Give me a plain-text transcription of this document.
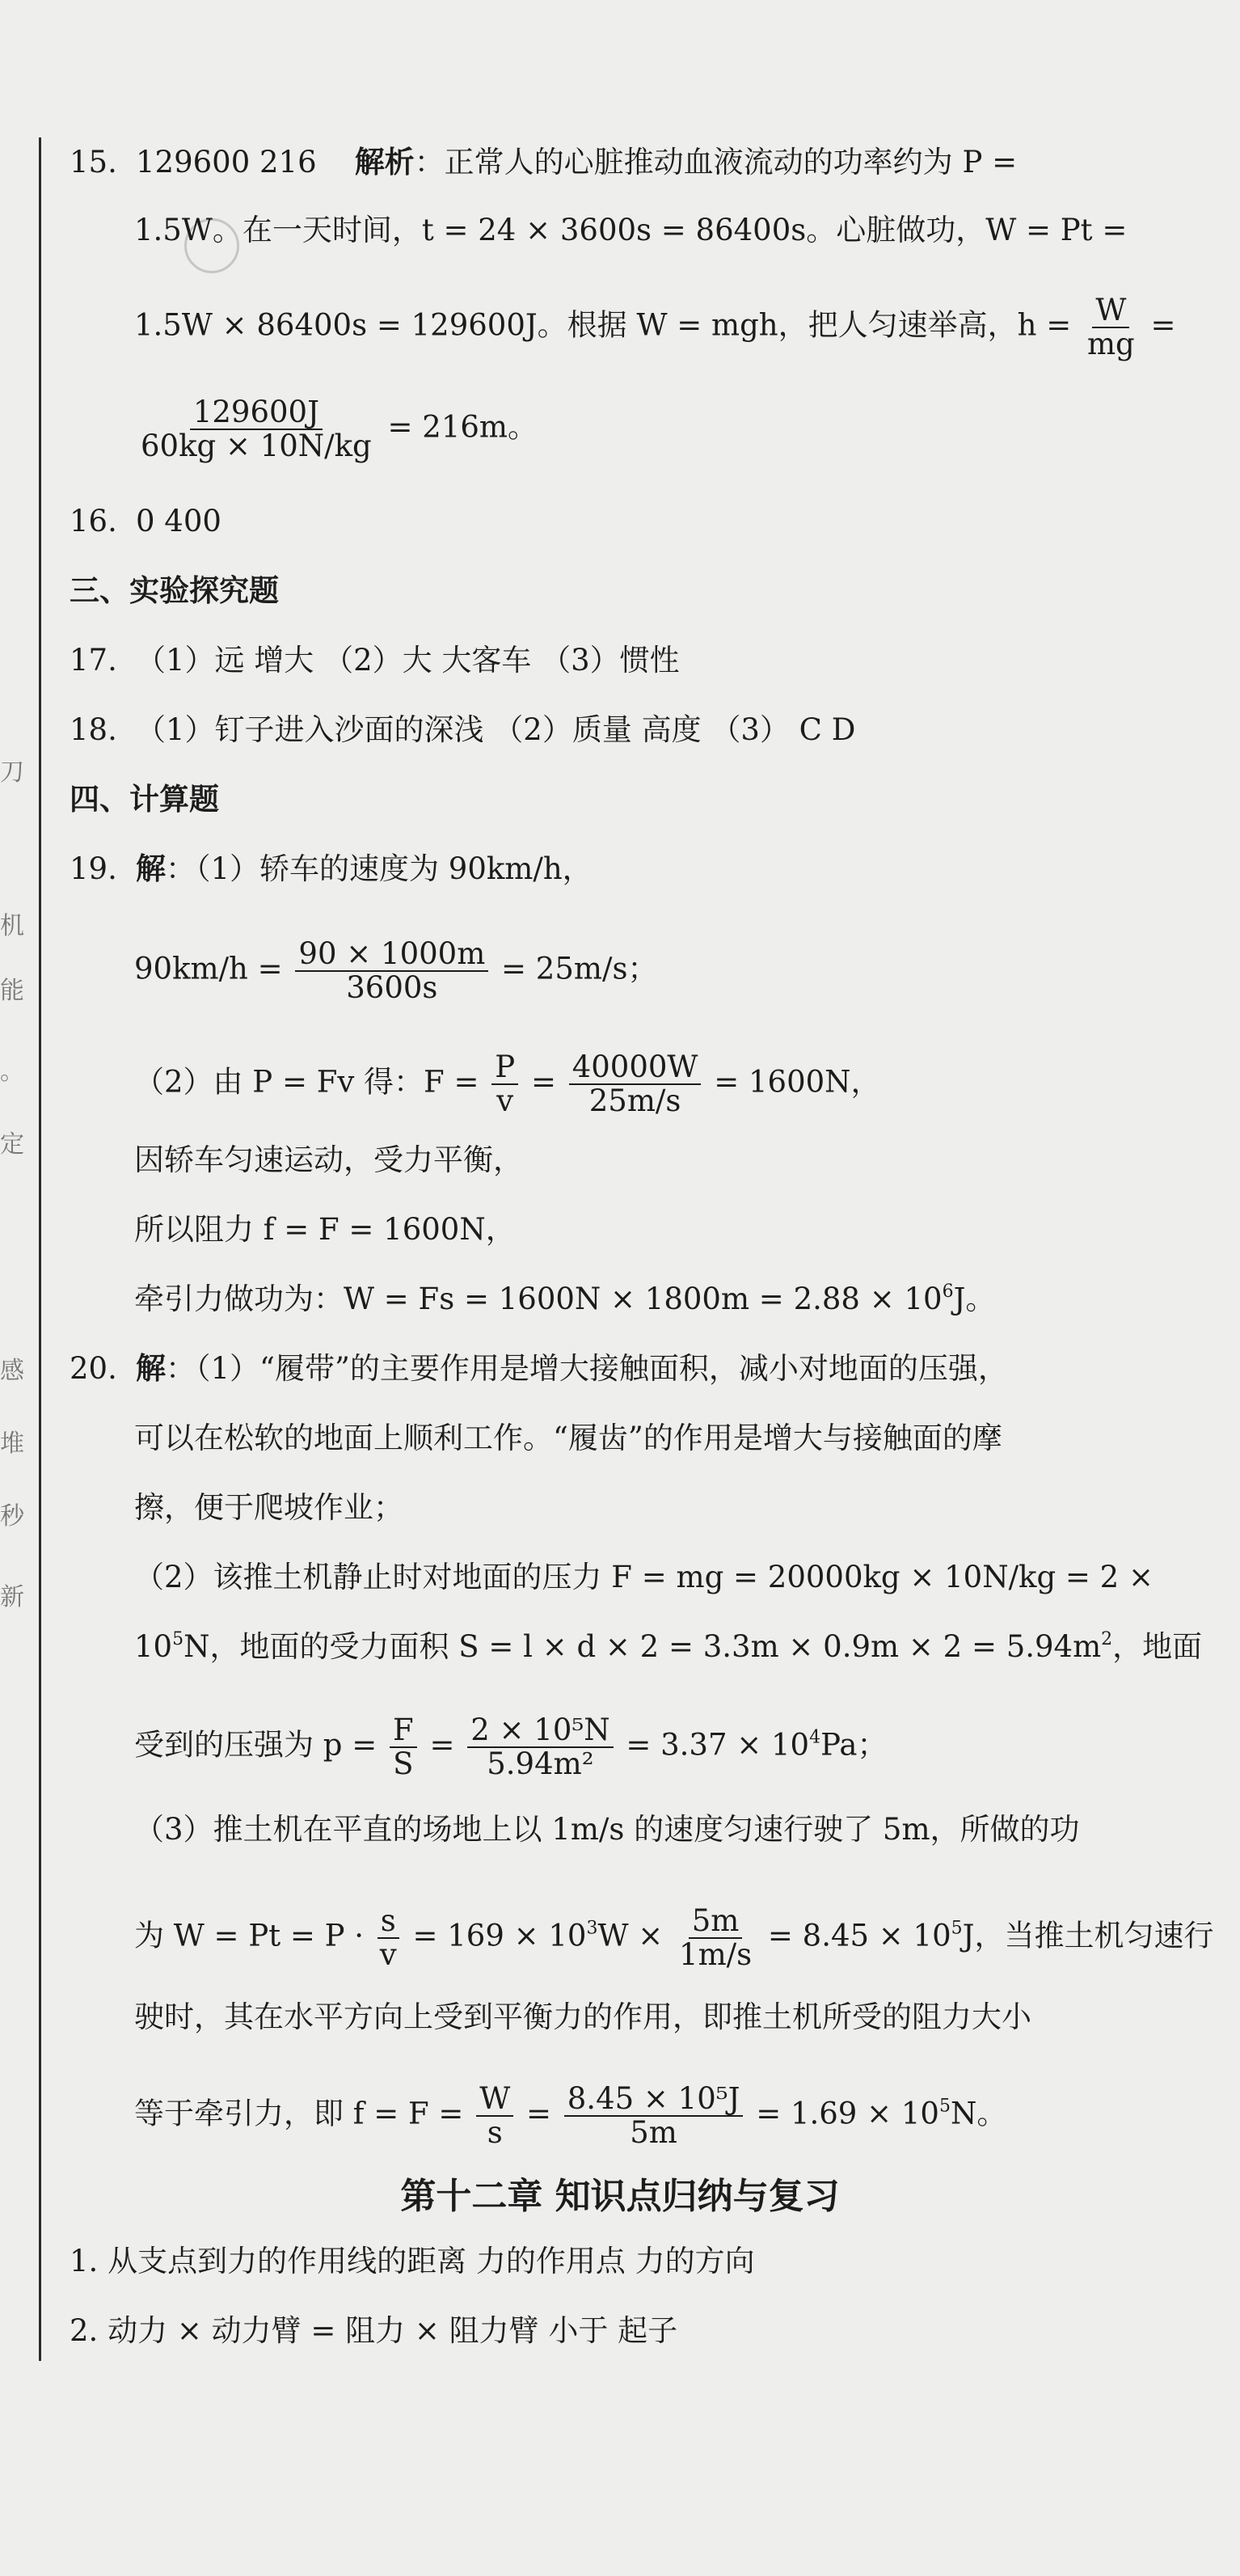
刀
机
能
。
定
感
堆
秒
新
15. 129600 216 解析：正常人的心脏推动血液流动的功率约为 P =
1.5W。在一天时间，t = 24 × 3600s = 86400s。心脏做功，W = Pt =
1.5W × 86400s = 129600J。根据 W = mgh，把人匀速举高，$h = \frac{W}{mg}$ =
$\frac{129600J}{60kg \times 10N/kg} = 216m$。
16. 0 400
三、实验探究题
17. （1）远 增大 （2）大 大客车 （3）惯性
18. （1）钉子进入沙面的深浅 （2）质量 高度 （3） C D
四、计算题
19. 解：（1）轿车的速度为 90km/h，
$90km/h = \frac{90 \times 1000m}{3600s} = 25m/s$；
（2）由 P = Fv 得：$F = \frac{P}{v} = \frac{40000W}{25m/s} = 1600N$，
因轿车匀速运动，受力平衡，
所以阻力 f = F = 1600N，
牵引力做功为：$W = Fs = 1600N \times 1800m = 2.88 \times 10^6J$。
20. 解：（1）“履带”的主要作用是增大接触面积，减小对地面的压强，
可以在松软的地面上顺利工作。“履齿”的作用是增大与接触面的摩
擦，便于爬坡作业；
（2）该推土机静止时对地面的压力 F = mg = 20000kg × 10N/kg = 2 ×
$10^5N$，地面的受力面积 $S = l \times d \times 2 = 3.3m \times 0.9m \times 2 = 5.94m^2$，地面
受到的压强为 $p = \frac{F}{S} = \frac{\text{2 × 10⁵N}}{\text{5.94m²}} = 3.37 \times 10^4Pa$；
（3）推土机在平直的场地上以 1m/s 的速度匀速行驶了 5m，所做的功
为 $W = Pt = P \cdot \frac{s}{v} = 169 \times 10^3W \times \frac{5m}{1m/s} = 8.45 \times 10^5J$，当推土机匀速行
驶时，其在水平方向上受到平衡力的作用，即推土机所受的阻力大小
等于牵引力，即 $f = F = \frac{W}{s} = \frac{\text{8.45 × 10⁵J}}{5m} = 1.69 \times 10^5N$。
第十二章 知识点归纳与复习
1. 从支点到力的作用线的距离 力的作用点 力的方向
2. 动力 × 动力臂 = 阻力 × 阻力臂 小于 起子
